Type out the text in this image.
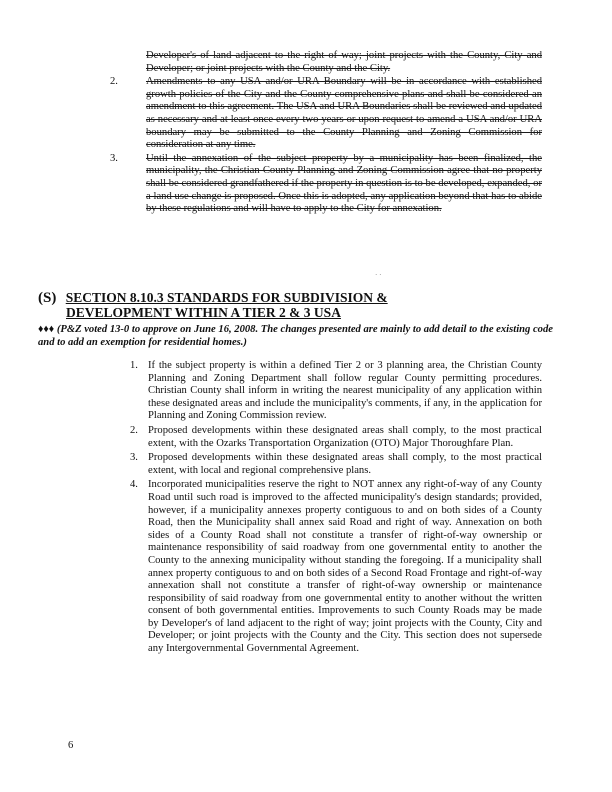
Developer's of land adjacent to the right of way; joint projects with the County, City and Developer; or joint projects with the County and the City.

2.	Amendments to any USA and/or URA Boundary will be in accordance with established growth policies of the City and the County comprehensive plans and shall be considered an amendment to this agreement. The USA and URA Boundaries shall be reviewed and updated as necessary and at least once every two years or upon request to amend a USA and/or URA boundary may be submitted to the County Planning and Zoning Commission for consideration at any time.

3.	Until the annexation of the subject property by a municipality has been finalized, the municipality, the Christian County Planning and Zoning Commission agree that no property shall be considered grandfathered if the property in question is to be developed, expanded, or a land use change is proposed. Once this is adopted, any application beyond that has to abide by these regulations and will have to apply to the City for annexation.

· ·
(S) SECTION 8.10.3 STANDARDS FOR SUBDIVISION &
DEVELOPMENT WITHIN A TIER 2 & 3 USA
♦♦♦ (P&Z voted 13-0 to approve on June 16, 2008. The changes presented are mainly to add detail to the existing code and to add an exemption for residential homes.)
1. If the subject property is within a defined Tier 2 or 3 planning area, the Christian County Planning and Zoning Department shall follow regular County permitting procedures. Christian County shall inform in writing the nearest municipality of any application within these designated areas and include the municipality's comments, if any, in the application for Planning and Zoning Commission review.

2. Proposed developments within these designated areas shall comply, to the most practical extent, with the Ozarks Transportation Organization (OTO) Major Thoroughfare Plan.

3. Proposed developments within these designated areas shall comply, to the most practical extent, with local and regional comprehensive plans.

4. Incorporated municipalities reserve the right to NOT annex any right-of-way of any County Road until such road is improved to the affected municipality's design standards; provided, however, if a municipality annexes property contiguous to and on both sides of a County Road, then the Municipality shall annex said Road and right of way. Annexation on both sides of a County Road shall not constitute a transfer of right-of-way ownership or maintenance responsibility of said roadway from one governmental entity to another the County to the annexing municipality without standing the foregoing. If a municipality shall annex property contiguous to and on both sides of a Second Road Frontage and right-of-way annexation shall not constitute a transfer of right-of-way ownership or maintenance responsibility of said roadway from one governmental entity to another without the written consent of both governmental entities. Improvements to such County Roads may be made by Developer's of land adjacent to the right of way; joint projects with the County, City and Developer; or joint projects with the County and the City. This section does not supersede any Intergovernmental Governmental Agreement.

6
